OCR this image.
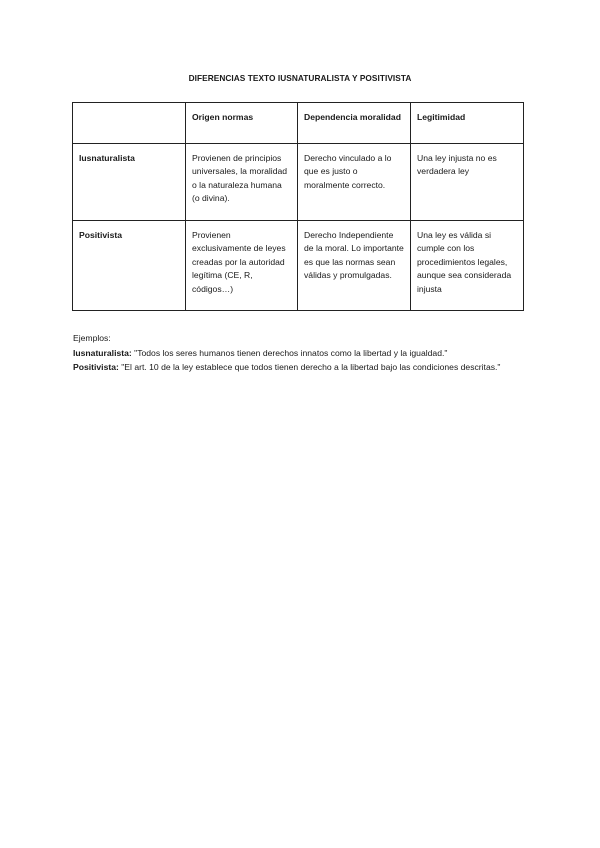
DIFERENCIAS TEXTO IUSNATURALISTA Y POSITIVISTA
	Origen normas	Dependencia moralidad	Legitimidad
Iusnaturalista	Provienen de principios universales, la moralidad o la naturaleza humana (o divina).	Derecho vinculado a lo que es justo o moralmente correcto.	Una ley injusta no es verdadera ley
Positivista	Provienen exclusivamente de leyes creadas por la autoridad legítima (CE, R, códigos…)	Derecho Independiente de la moral. Lo importante es que las normas sean válidas y promulgadas.	Una ley es válida si cumple con los procedimientos legales, aunque sea considerada injusta

Ejemplos:

Iusnaturalista: "Todos los seres humanos tienen derechos innatos como la libertad y la igualdad."

Positivista: "El art. 10 de la ley establece que todos tienen derecho a la libertad bajo las condiciones descritas."
